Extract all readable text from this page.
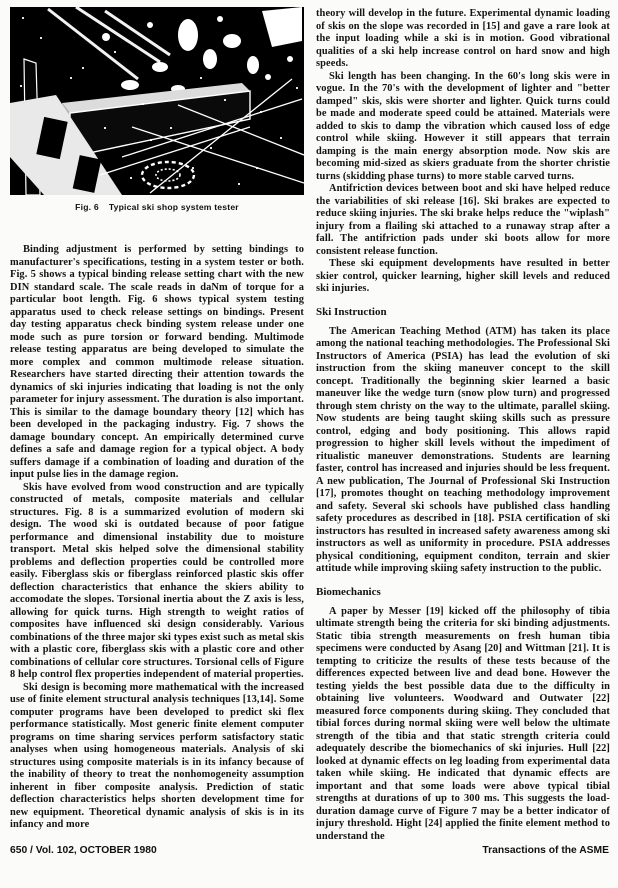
Fig. 6 Typical ski shop system tester

Binding adjustment is performed by setting bindings to manufacturer's specifications, testing in a system tester or both. Fig. 5 shows a typical binding release setting chart with the new DIN standard scale. The scale reads in daNm of torque for a particular boot length. Fig. 6 shows typical system testing apparatus used to check release settings on bindings. Present day testing apparatus check binding system release under one mode such as pure torsion or forward bending. Multimode release testing apparatus are being developed to simulate the more complex and common multimode release situation. Researchers have started directing their attention towards the dynamics of ski injuries indicating that loading is not the only parameter for injury assessment. The duration is also important. This is similar to the damage boundary theory [12] which has been developed in the packaging industry. Fig. 7 shows the damage boundary concept. An empirically determined curve defines a safe and damage region for a typical object. A body suffers damage if a combination of loading and duration of the input pulse lies in the damage region.

Skis have evolved from wood construction and are typically constructed of metals, composite materials and cellular structures. Fig. 8 is a summarized evolution of modern ski design. The wood ski is outdated because of poor fatigue performance and dimensional instability due to moisture transport. Metal skis helped solve the dimensional stability problems and deflection properties could be controlled more easily. Fiberglass skis or fiberglass reinforced plastic skis offer deflection characteristics that enhance the skiers ability to accomodate the slopes. Torsional inertia about the Z axis is less, allowing for quick turns. High strength to weight ratios of composites have influenced ski design considerably. Various combinations of the three major ski types exist such as metal skis with a plastic core, fiberglass skis with a plastic core and other combinations of cellular core structures. Torsional cells of Figure 8 help control flex properties independent of material properties.

Ski design is becoming more mathematical with the increased use of finite element structural analysis techniques [13,14]. Some computer programs have been developed to predict ski flex performance statistically. Most generic finite element computer programs on time sharing services perform satisfactory static analyses when using homogeneous materials. Analysis of ski structures using composite materials is in its infancy because of the inability of theory to treat the nonhomogeneity assumption inherent in fiber composite analysis. Prediction of static deflection characteristics helps shorten development time for new equipment. Theoretical dynamic analysis of skis is in its infancy and more

theory will develop in the future. Experimental dynamic loading of skis on the slope was recorded in [15] and gave a rare look at the input loading while a ski is in motion. Good vibrational qualities of a ski help increase control on hard snow and high speeds.

Ski length has been changing. In the 60's long skis were in vogue. In the 70's with the development of lighter and "better damped" skis, skis were shorter and lighter. Quick turns could be made and moderate speed could be attained. Materials were added to skis to damp the vibration which caused loss of edge control while skiing. However it still appears that terrain damping is the main energy absorption mode. Now skis are becoming mid-sized as skiers graduate from the shorter christie turns (skidding phase turns) to more stable carved turns.

Antifriction devices between boot and ski have helped reduce the variabilities of ski release [16]. Ski brakes are expected to reduce skiing injuries. The ski brake helps reduce the "wiplash" injury from a flailing ski attached to a runaway strap after a fall. The antifriction pads under ski boots allow for more consistent release function.

These ski equipment developments have resulted in better skier control, quicker learning, higher skill levels and reduced ski injuries.

Ski Instruction

The American Teaching Method (ATM) has taken its place among the national teaching methodologies. The Professional Ski Instructors of America (PSIA) has lead the evolution of ski instruction from the skiing maneuver concept to the skill concept. Traditionally the beginning skier learned a basic maneuver like the wedge turn (snow plow turn) and progressed through stem christy on the way to the ultimate, parallel skiing. Now students are being taught skiing skills such as pressure control, edging and body positioning. This allows rapid progression to higher skill levels without the impediment of ritualistic maneuver demonstrations. Students are learning faster, control has increased and injuries should be less frequent. A new publication, The Journal of Professional Ski Instruction [17], promotes thought on teaching methodology improvement and safety. Several ski schools have published class handling safety procedures as described in [18]. PSIA certification of ski instructors has resulted in increased safety awareness among ski instructors as well as uniformity in procedure. PSIA addresses physical conditioning, equipment conditon, terrain and skier attitude while improving skiing safety instruction to the public.

Biomechanics

A paper by Messer [19] kicked off the philosophy of tibia ultimate strength being the criteria for ski binding adjustments. Static tibia strength measurements on fresh human tibia specimens were conducted by Asang [20] and Wittman [21]. It is tempting to criticize the results of these tests because of the differences expected between live and dead bone. However the testing yields the best possible data due to the difficulty in obtaining live volunteers. Woodward and Outwater [22] measured force components during skiing. They concluded that tibial forces during normal skiing were well below the ultimate strength of the tibia and that static strength criteria could adequately describe the biomechanics of ski injuries. Hull [22] looked at dynamic effects on leg loading from experimental data taken while skiing. He indicated that dynamic effects are important and that some loads were above typical tibial strengths at durations of up to 300 ms. This suggests the load-duration damage curve of Figure 7 may be a better indicator of injury threshold. Hight [24] applied the finite element method to understand the

650 / Vol. 102, OCTOBER 1980	Transactions of the ASME
